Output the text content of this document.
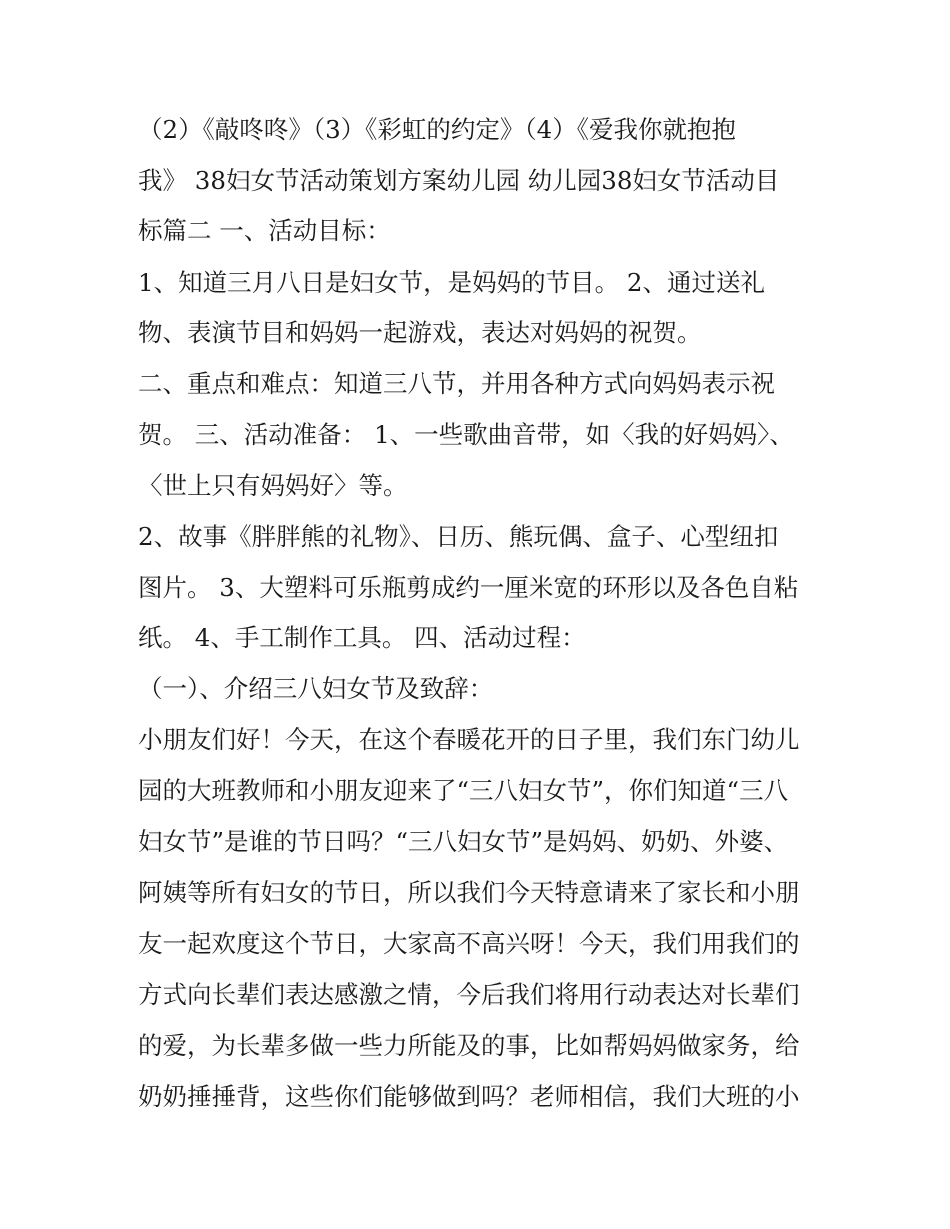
（2）《敲咚咚》（3）《彩虹的约定》（4）《爱我你就抱抱

我》 38妇女节活动策划方案幼儿园 幼儿园38妇女节活动目

标篇二 一、活动目标：

1、知道三月八日是妇女节，是妈妈的节目。 2、通过送礼

物、表演节目和妈妈一起游戏，表达对妈妈的祝贺。

二、重点和难点：知道三八节，并用各种方式向妈妈表示祝

贺。 三、活动准备： 1、一些歌曲音带，如〈我的好妈妈〉、

〈世上只有妈妈好〉等。

2、故事《胖胖熊的礼物》、日历、熊玩偶、盒子、心型纽扣

图片。 3、大塑料可乐瓶剪成约一厘米宽的环形以及各色自粘

纸。 4、手工制作工具。 四、活动过程：

（一）、介绍三八妇女节及致辞：

小朋友们好！今天，在这个春暖花开的日子里，我们东门幼儿

园的大班教师和小朋友迎来了“三八妇女节”，你们知道“三八

妇女节”是谁的节日吗？“三八妇女节”是妈妈、奶奶、外婆、

阿姨等所有妇女的节日，所以我们今天特意请来了家长和小朋

友一起欢度这个节日，大家高不高兴呀！今天，我们用我们的

方式向长辈们表达感激之情，今后我们将用行动表达对长辈们

的爱，为长辈多做一些力所能及的事，比如帮妈妈做家务，给

奶奶捶捶背，这些你们能够做到吗？老师相信，我们大班的小
